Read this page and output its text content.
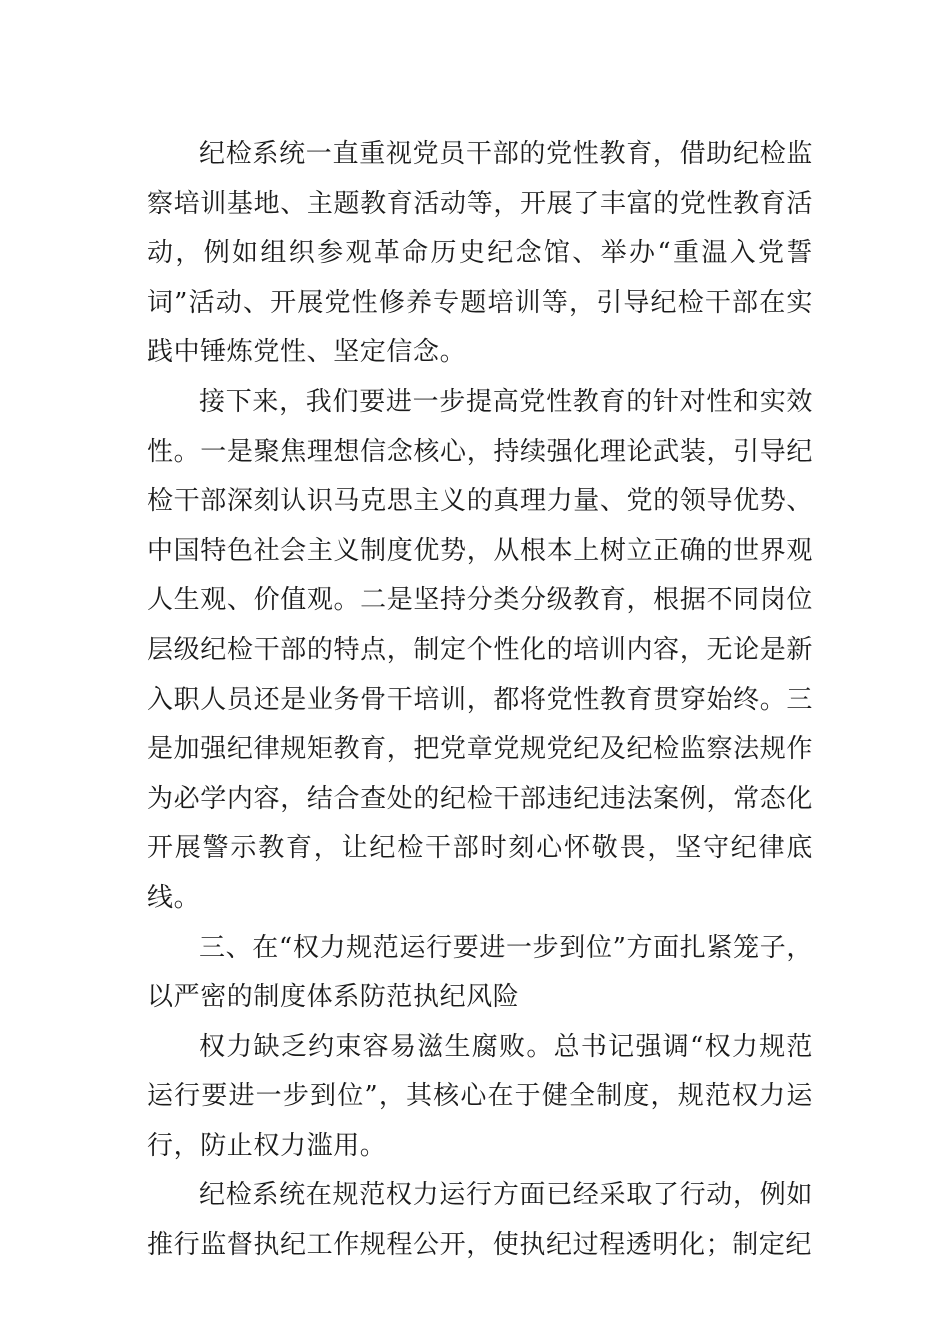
纪检系统一直重视党员干部的党性教育，借助纪检监察培训基地、主题教育活动等，开展了丰富的党性教育活动，例如组织参观革命历史纪念馆、举办“重温入党誓词”活动、开展党性修养专题培训等，引导纪检干部在实践中锤炼党性、坚定信念。

接下来，我们要进一步提高党性教育的针对性和实效性。一是聚焦理想信念核心，持续强化理论武装，引导纪检干部深刻认识马克思主义的真理力量、党的领导优势、中国特色社会主义制度优势，从根本上树立正确的世界观人生观、价值观。二是坚持分类分级教育，根据不同岗位层级纪检干部的特点，制定个性化的培训内容，无论是新入职人员还是业务骨干培训，都将党性教育贯穿始终。三是加强纪律规矩教育，把党章党规党纪及纪检监察法规作为必学内容，结合查处的纪检干部违纪违法案例，常态化开展警示教育，让纪检干部时刻心怀敬畏，坚守纪律底线。

三、在“权力规范运行要进一步到位”方面扎紧笼子，以严密的制度体系防范执纪风险

权力缺乏约束容易滋生腐败。总书记强调“权力规范运行要进一步到位”，其核心在于健全制度，规范权力运行，防止权力滥用。

纪检系统在规范权力运行方面已经采取了行动，例如推行监督执纪工作规程公开，使执纪过程透明化；制定纪
